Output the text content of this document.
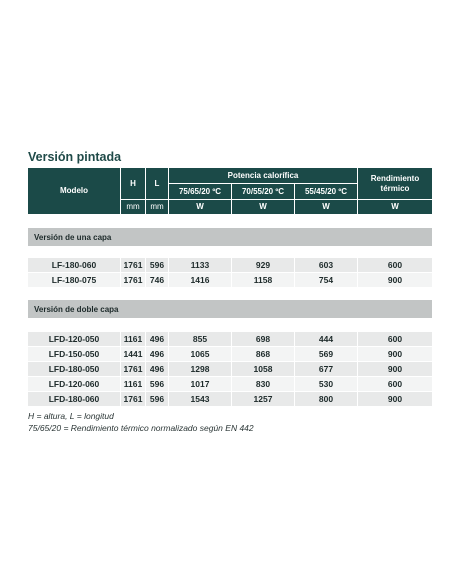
Versión pintada
Modelo
H	L
mm	mm
Potencia calorífica
75/65/20 ºC	70/55/20 ºC	55/45/20 ºC
W	W	W
Rendimiento térmico
W
Versión de una capa
LF-180-060	1761 596	1133	929	603	600
LF-180-075	1761 746	1416	1158	754	900
Versión de doble capa
LFD-120-050	1161 496	855	698	444	600
LFD-150-050	1441 496	1065	868	569	900
LFD-180-050	1761 496	1298	1058	677	900
LFD-120-060	1161 596	1017	830	530	600
LFD-180-060	1761 596	1543	1257	800	900
H = altura, L = longitud
75/65/20 = Rendimiento térmico normalizado según EN 442
